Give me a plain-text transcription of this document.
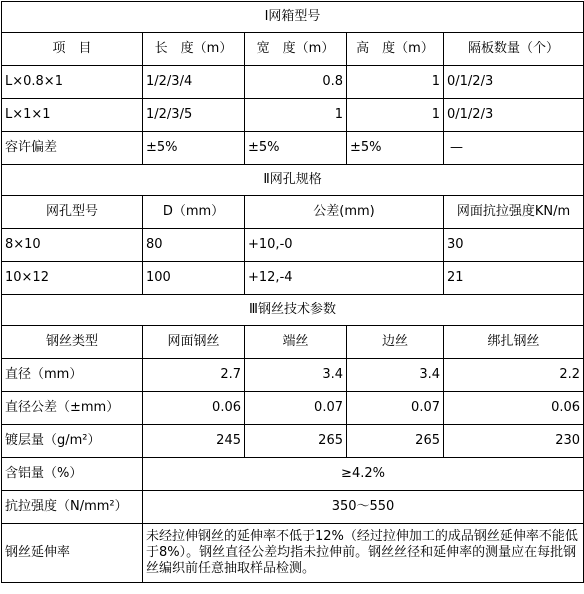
Ⅰ网箱型号				
项　目	长　度（m）	宽　度（m）	高　度（m）	隔板数量（个）
L×0.8×1	1/2/3/4	0.8	1	0/1/2/3
L×1×1	1/2/3/5	1	1	0/1/2/3
容许偏差	±5%	±5%	±5%	—
Ⅱ网孔规格				
网孔型号	D（mm）	公差(mm)		网面抗拉强度KN/m
8×10	80	+10,-0		30
10×12	100	+12,-4		21
Ⅲ钢丝技术参数				
钢丝类型	网面钢丝	端丝	边丝	绑扎钢丝
直径（mm）	2.7	3.4	3.4	2.2
直径公差（±mm）	0.06	0.07	0.07	0.06
镀层量（g/m²）	245	265	265	230
含铝量（%）	≥4.2%			
抗拉强度（N/mm²）	350～550			
钢丝延伸率	未经拉伸钢丝的延伸率不低于12%（经过拉伸加工的成品钢丝延伸率不能低于8%）。钢丝直径公差均指未拉伸前。钢丝丝径和延伸率的测量应在每批钢丝编织前任意抽取样品检测。			
